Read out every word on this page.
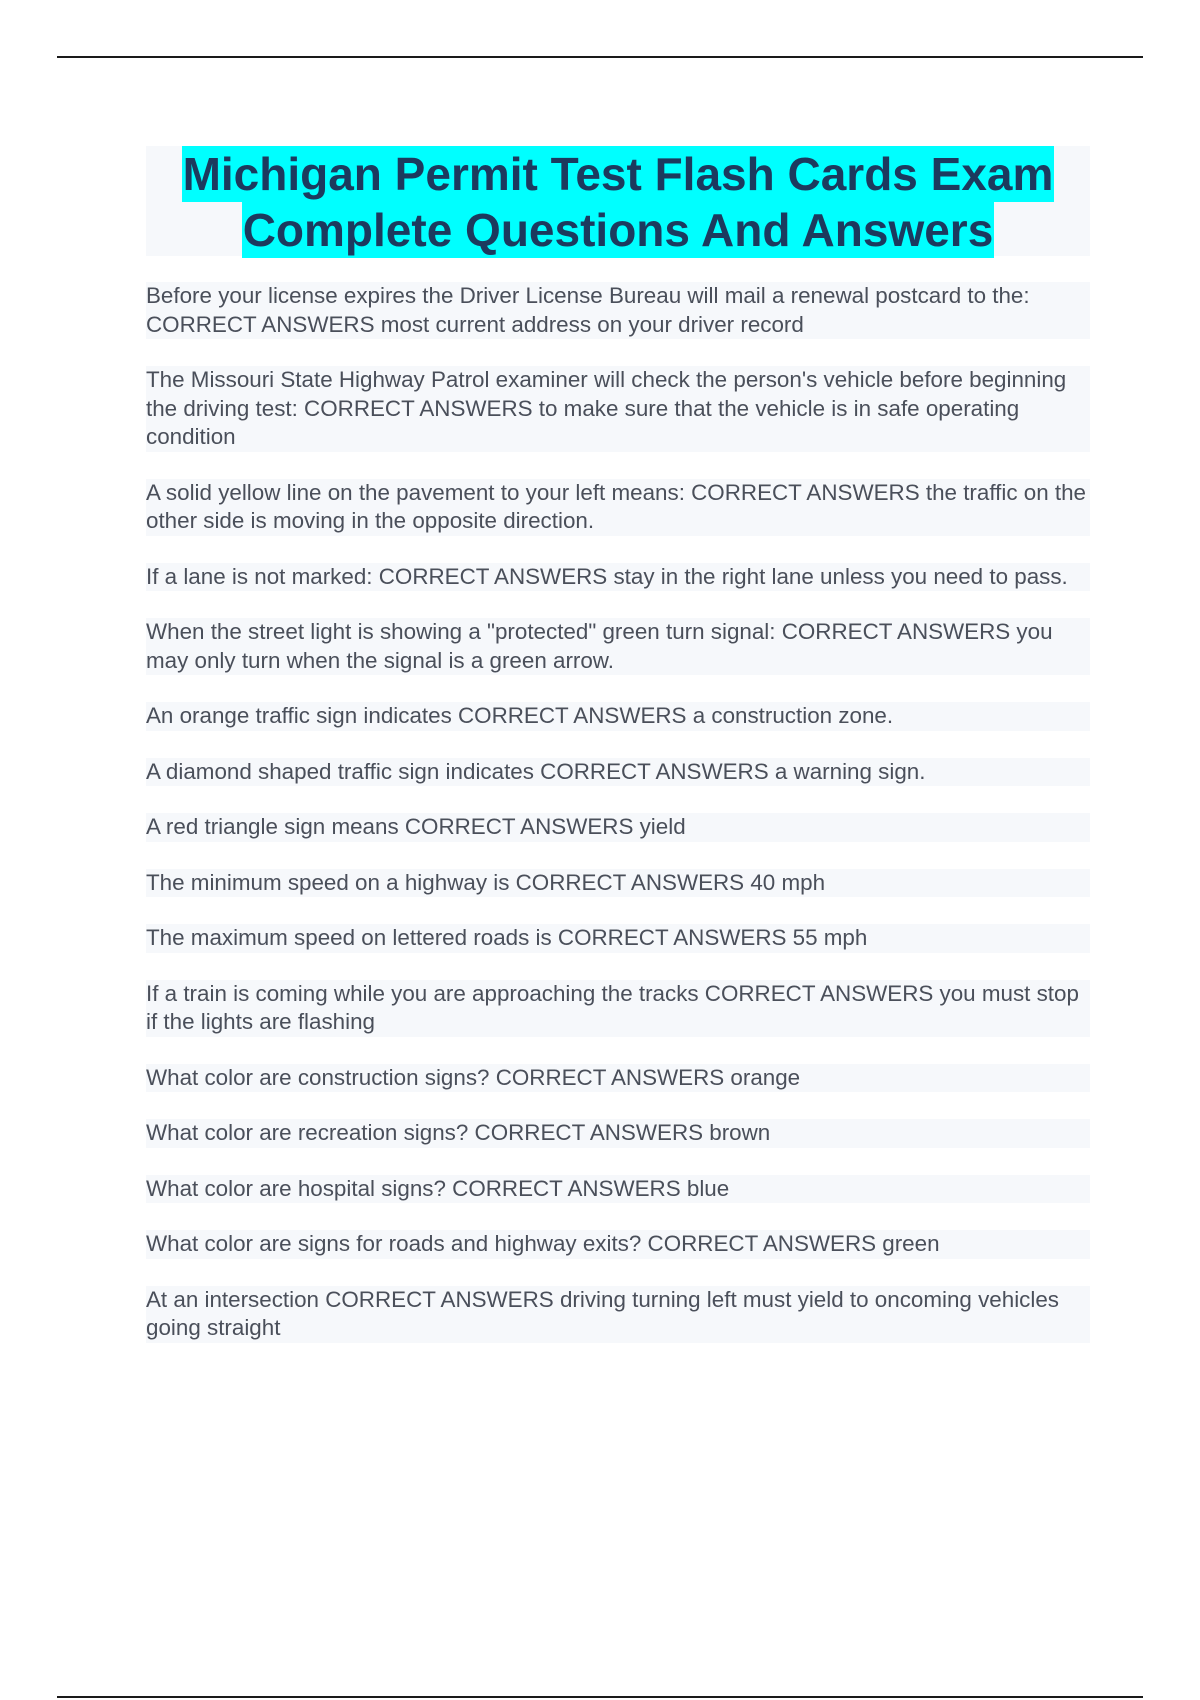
Michigan Permit Test Flash Cards Exam
Complete Questions And Answers
Before your license expires the Driver License Bureau will mail a renewal postcard to the: CORRECT ANSWERS most current address on your driver record
The Missouri State Highway Patrol examiner will check the person's vehicle before beginning the driving test: CORRECT ANSWERS to make sure that the vehicle is in safe operating condition
A solid yellow line on the pavement to your left means: CORRECT ANSWERS the traffic on the other side is moving in the opposite direction.
If a lane is not marked: CORRECT ANSWERS stay in the right lane unless you need to pass.
When the street light is showing a "protected" green turn signal: CORRECT ANSWERS you may only turn when the signal is a green arrow.
An orange traffic sign indicates CORRECT ANSWERS a construction zone.
A diamond shaped traffic sign indicates CORRECT ANSWERS a warning sign.
A red triangle sign means CORRECT ANSWERS yield
The minimum speed on a highway is CORRECT ANSWERS 40 mph
The maximum speed on lettered roads is CORRECT ANSWERS 55 mph
If a train is coming while you are approaching the tracks CORRECT ANSWERS you must stop if the lights are flashing
What color are construction signs? CORRECT ANSWERS orange
What color are recreation signs? CORRECT ANSWERS brown
What color are hospital signs? CORRECT ANSWERS blue
What color are signs for roads and highway exits? CORRECT ANSWERS green
At an intersection CORRECT ANSWERS driving turning left must yield to oncoming vehicles going straight
